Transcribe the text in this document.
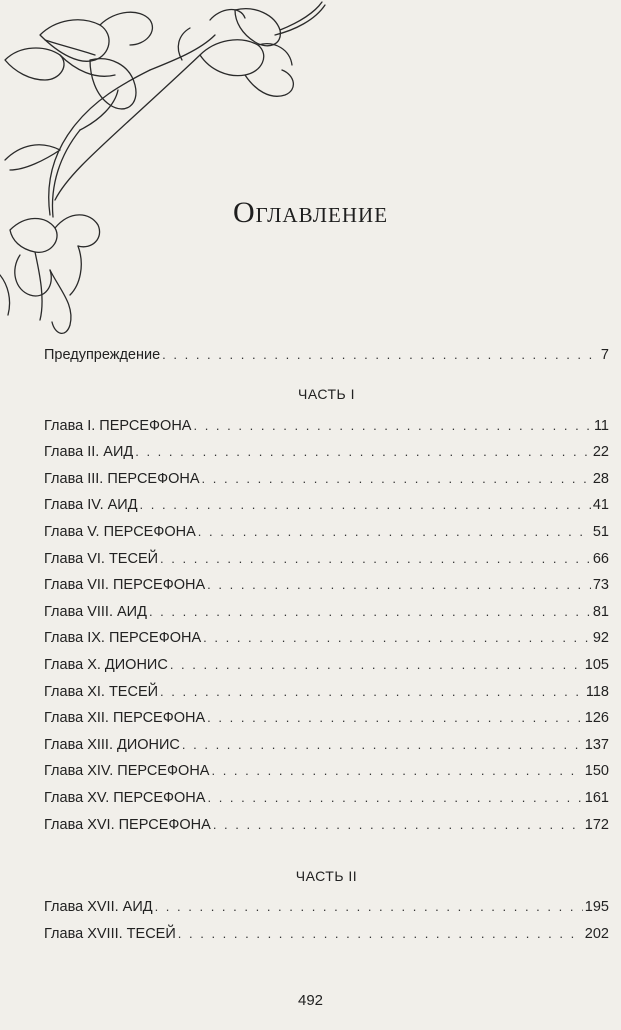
Оглавление
Предупреждение . . .	7
ЧАСТЬ I
Глава I. ПЕРСЕФОНА . . .	11
Глава II. АИД . . .	22
Глава III. ПЕРСЕФОНА . . .	28
Глава IV. АИД . . .	41
Глава V. ПЕРСЕФОНА . . .	51
Глава VI. ТЕСЕЙ . . .	66
Глава VII. ПЕРСЕФОНА . . .	73
Глава VIII. АИД . . .	81
Глава IX. ПЕРСЕФОНА . . .	92
Глава X. ДИОНИС . . .	105
Глава XI. ТЕСЕЙ . . .	118
Глава XII. ПЕРСЕФОНА . . .	126
Глава XIII. ДИОНИС . . .	137
Глава XIV. ПЕРСЕФОНА . . .	150
Глава XV. ПЕРСЕФОНА . . .	161
Глава XVI. ПЕРСЕФОНА . . .	172
ЧАСТЬ II
Глава XVII. АИД . . .	195
Глава XVIII. ТЕСЕЙ . . .	202
492
